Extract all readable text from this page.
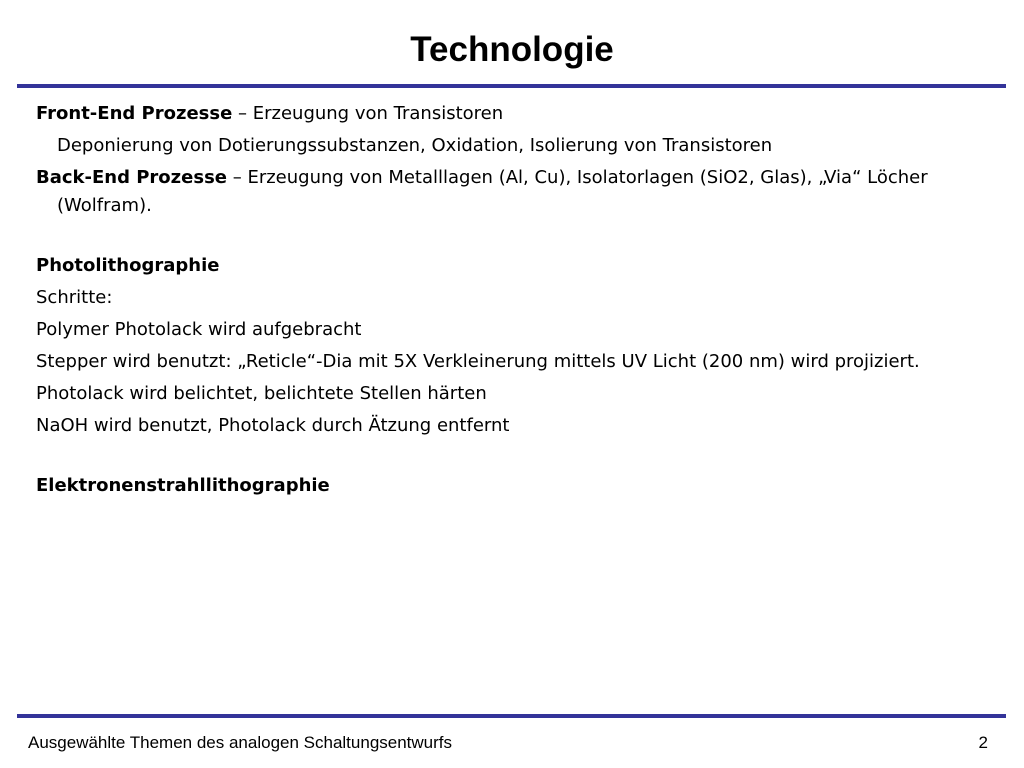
Technologie

Front-End Prozesse – Erzeugung von Transistoren

Deponierung von Dotierungssubstanzen, Oxidation, Isolierung von Transistoren

Back-End Prozesse – Erzeugung von Metalllagen (Al, Cu), Isolatorlagen (SiO2, Glas), „Via“ Löcher (Wolfram).

Photolithographie

Schritte:

Polymer Photolack wird aufgebracht

Stepper wird benutzt: „Reticle“-Dia mit 5X Verkleinerung mittels UV Licht (200 nm) wird projiziert.

Photolack wird belichtet, belichtete Stellen härten

NaOH wird benutzt, Photolack durch Ätzung entfernt

Elektronenstrahllithographie

Ausgewählte Themen des analogen Schaltungsentwurfs	2
